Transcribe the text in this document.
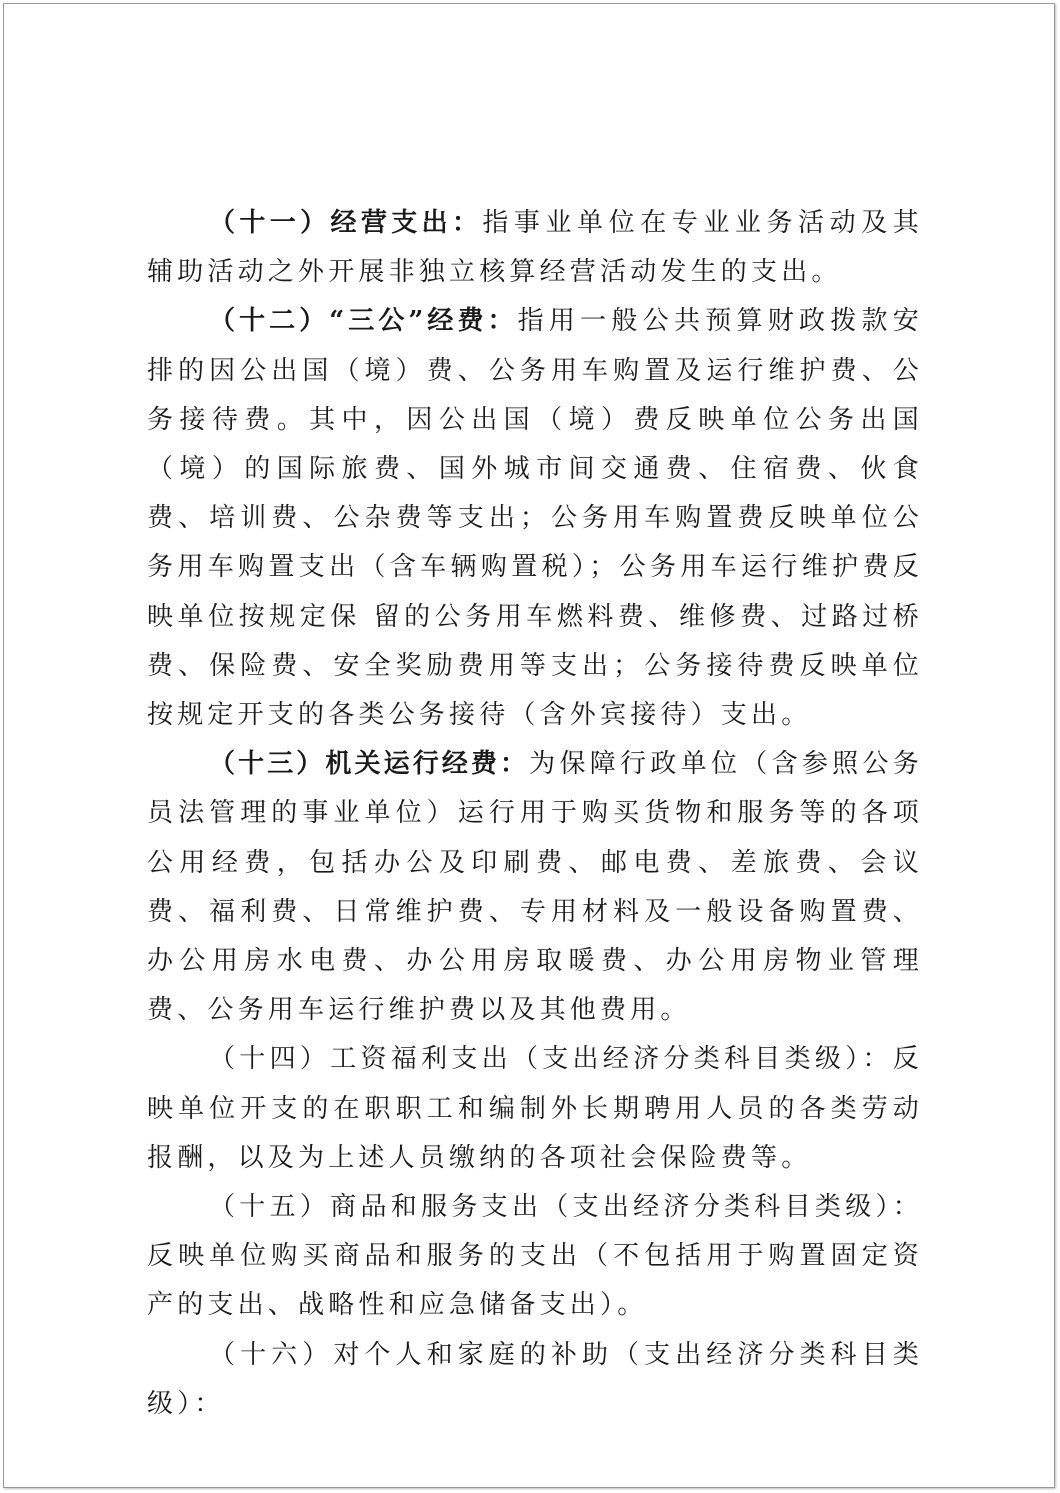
（十一）经营支出：指事业单位在专业业务活动及其辅助活动之外开展非独立核算经营活动发生的支出。

（十二）“三公”经费：指用一般公共预算财政拨款安排的因公出国（境）费、公务用车购置及运行维护费、公务接待费。其中，因公出国（境）费反映单位公务出国（境）的国际旅费、国外城市间交通费、住宿费、伙食费、培训费、公杂费等支出；公务用车购置费反映单位公务用车购置支出（含车辆购置税）；公务用车运行维护费反映单位按规定保 留的公务用车燃料费、维修费、过路过桥费、保险费、安全奖励费用等支出；公务接待费反映单位按规定开支的各类公务接待（含外宾接待）支出。

（十三）机关运行经费：为保障行政单位（含参照公务员法管理的事业单位）运行用于购买货物和服务等的各项公用经费，包括办公及印刷费、邮电费、差旅费、会议费、福利费、日常维护费、专用材料及一般设备购置费、办公用房水电费、办公用房取暖费、办公用房物业管理费、公务用车运行维护费以及其他费用。

（十四）工资福利支出（支出经济分类科目类级）：反映单位开支的在职职工和编制外长期聘用人员的各类劳动报酬，以及为上述人员缴纳的各项社会保险费等。

（十五）商品和服务支出（支出经济分类科目类级）：反映单位购买商品和服务的支出（不包括用于购置固定资产的支出、战略性和应急储备支出）。

（十六）对个人和家庭的补助（支出经济分类科目类级）：
